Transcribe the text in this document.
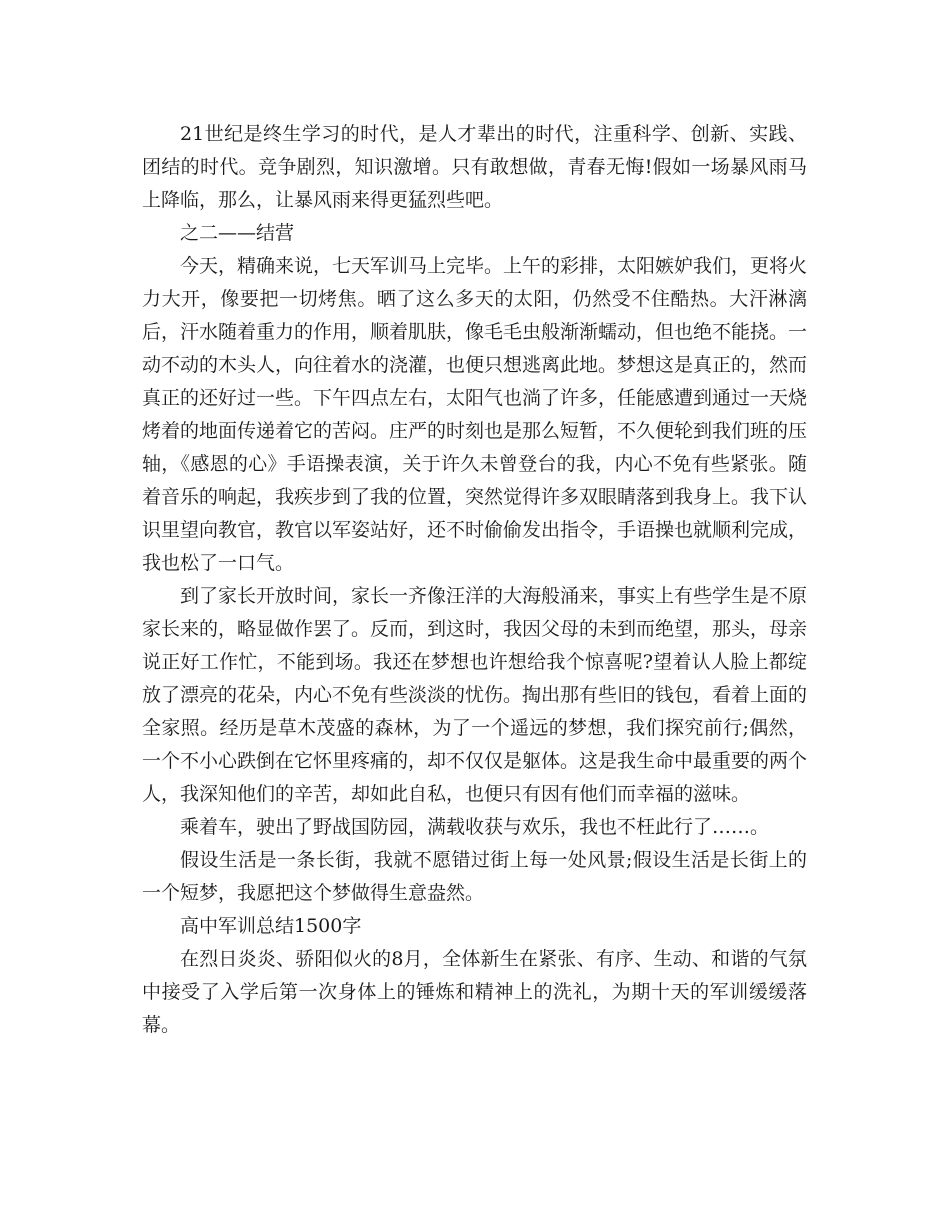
21世纪是终生学习的时代，是人才辈出的时代，注重科学、创新、实践、团结的时代。竞争剧烈，知识激增。只有敢想做，青春无悔!假如一场暴风雨马上降临，那么，让暴风雨来得更猛烈些吧。

之二——结营

今天，精确来说，七天军训马上完毕。上午的彩排，太阳嫉妒我们，更将火力大开，像要把一切烤焦。晒了这么多天的太阳，仍然受不住酷热。大汗淋漓后，汗水随着重力的作用，顺着肌肤，像毛毛虫般渐渐蠕动，但也绝不能挠。一动不动的木头人，向往着水的浇灌，也便只想逃离此地。梦想这是真正的，然而真正的还好过一些。下午四点左右，太阳气也淌了许多，任能感遭到通过一天烧烤着的地面传递着它的苦闷。庄严的时刻也是那么短暂，不久便轮到我们班的压轴，《感恩的心》手语操表演，关于许久未曾登台的我，内心不免有些紧张。随着音乐的响起，我疾步到了我的位置，突然觉得许多双眼睛落到我身上。我下认识里望向教官，教官以军姿站好，还不时偷偷发出指令，手语操也就顺利完成，我也松了一口气。

到了家长开放时间，家长一齐像汪洋的大海般涌来，事实上有些学生是不原家长来的，略显做作罢了。反而，到这时，我因父母的未到而绝望，那头，母亲说正好工作忙，不能到场。我还在梦想也许想给我个惊喜呢?望着认人脸上都绽放了漂亮的花朵，内心不免有些淡淡的忧伤。掏出那有些旧的钱包，看着上面的全家照。经历是草木茂盛的森林，为了一个遥远的梦想，我们探究前行;偶然，一个不小心跌倒在它怀里疼痛的，却不仅仅是躯体。这是我生命中最重要的两个人，我深知他们的辛苦，却如此自私，也便只有因有他们而幸福的滋味。

乘着车，驶出了野战国防园，满载收获与欢乐，我也不枉此行了……。

假设生活是一条长街，我就不愿错过街上每一处风景;假设生活是长街上的一个短梦，我愿把这个梦做得生意盎然。

高中军训总结1500字

在烈日炎炎、骄阳似火的8月，全体新生在紧张、有序、生动、和谐的气氛中接受了入学后第一次身体上的锤炼和精神上的洗礼，为期十天的军训缓缓落幕。
